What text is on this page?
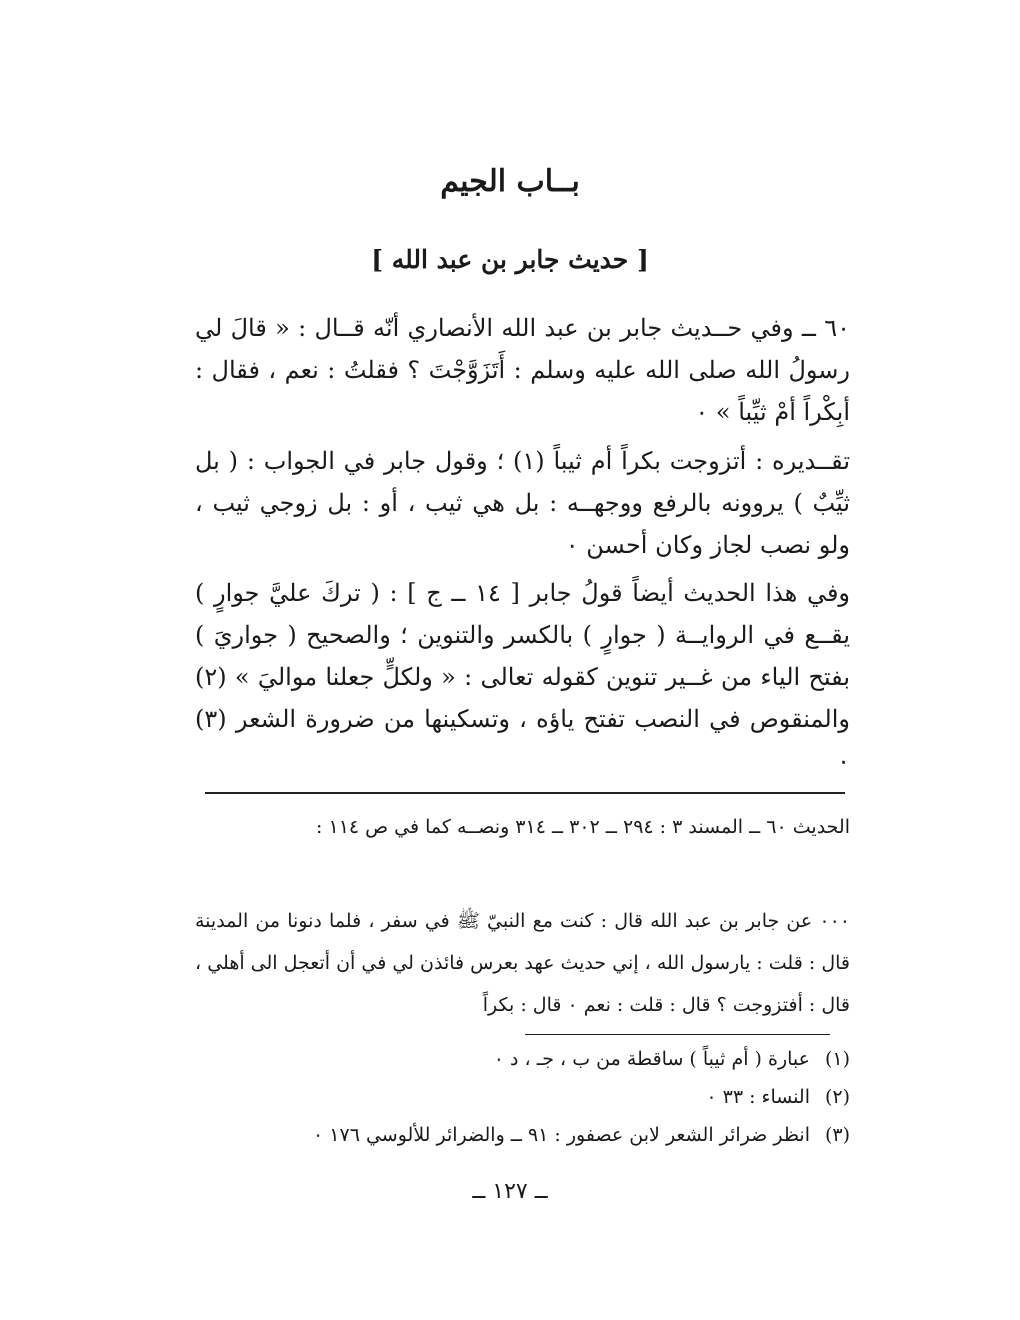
بــاب الجيم
[ حديث جابر بن عبد الله ]

٦٠ ــ وفي حــديث جابر بن عبد الله الأنصاري أنّه قــال : « قالَ لي رسولُ الله صلى الله عليه وسلم : أَتَزَوَّجْتَ ؟ فقلتُ : نعم ، فقال : أبِكْراً أمْ ثيِّباً » ٠

تقــديره : أتزوجت بكراً أم ثيباً (١) ؛ وقول جابر في الجواب : ( بل ثيِّبٌ ) يروونه بالرفع ووجهــه : بل هي ثيب ، أو : بل زوجي ثيب ، ولو نصب لجاز وكان أحسن ٠

وفي هذا الحديث أيضاً قولُ جابر [ ١٤ ــ ج ] : ( تركَ عليَّ جوارٍ ) يقــع في الروايــة ( جوارٍ ) بالكسر والتنوين ؛ والصحيح ( جواريَ ) بفتح الياء من غــير تنوين كقوله تعالى : « ولكلٍّ جعلنا مواليَ » (٢) والمنقوص في النصب تفتح ياؤه ، وتسكينها من ضرورة الشعر (٣) ٠

الحديث ٦٠ ــ المسند ٣ : ٢٩٤ ــ ٣٠٢ ــ ٣١٤ ونصــه كما في ص ١١٤ :

٠٠٠ عن جابر بن عبد الله قال : كنت مع النبيّ ﷺ في سفر ، فلما دنونا من المدينة قال : قلت : يارسول الله ، إني حديث عهد بعرس فائذن لي في أن أتعجل الى أهلي ، قال : أفتزوجت ؟ قال : قلت : نعم ٠ قال : بكراً

(١)
عبارة ( أم ثيباً ) ساقطة من ب ، جـ ، د ٠

(٢)
النساء : ٣٣ ٠

(٣)
انظر ضرائر الشعر لابن عصفور : ٩١ ــ والضرائر للألوسي ١٧٦ ٠

ــ ١٢٧ ــ
